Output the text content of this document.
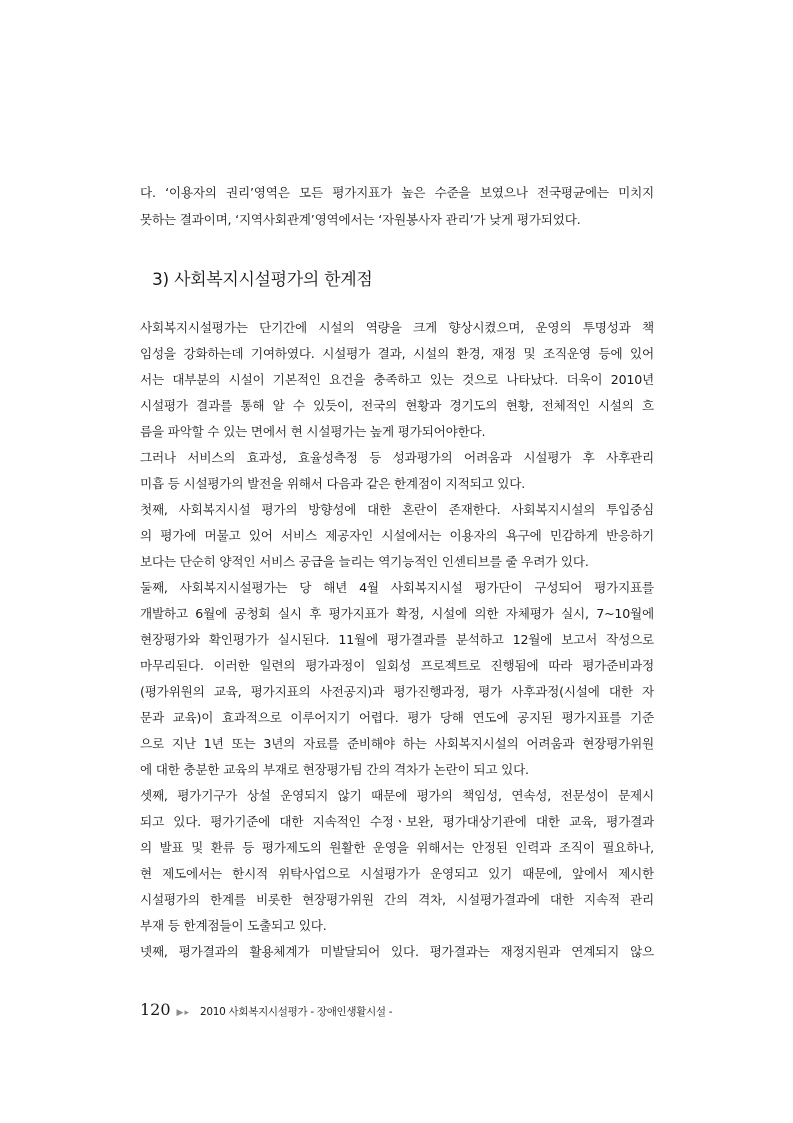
다. ‘이용자의 권리’영역은 모든 평가지표가 높은 수준을 보였으나 전국평균에는 미치지
못하는 결과이며, ‘지역사회관계’영역에서는 ‘자원봉사자 관리’가 낮게 평가되었다.
3) 사회복지시설평가의 한계점
사회복지시설평가는 단기간에 시설의 역량을 크게 향상시켰으며, 운영의 투명성과 책
임성을 강화하는데 기여하였다. 시설평가 결과, 시설의 환경, 재정 및 조직운영 등에 있어
서는 대부분의 시설이 기본적인 요건을 충족하고 있는 것으로 나타났다. 더욱이 2010년
시설평가 결과를 통해 알 수 있듯이, 전국의 현황과 경기도의 현황, 전체적인 시설의 흐
름을 파악할 수 있는 면에서 현 시설평가는 높게 평가되어야한다.
그러나 서비스의 효과성, 효율성측정 등 성과평가의 어려움과 시설평가 후 사후관리
미흡 등 시설평가의 발전을 위해서 다음과 같은 한계점이 지적되고 있다.
첫째, 사회복지시설 평가의 방향성에 대한 혼란이 존재한다. 사회복지시설의 투입중심
의 평가에 머물고 있어 서비스 제공자인 시설에서는 이용자의 욕구에 민감하게 반응하기
보다는 단순히 양적인 서비스 공급을 늘리는 역기능적인 인센티브를 줄 우려가 있다.
둘째, 사회복지시설평가는 당 해년 4월 사회복지시설 평가단이 구성되어 평가지표를
개발하고 6월에 공청회 실시 후 평가지표가 확정, 시설에 의한 자체평가 실시, 7~10월에
현장평가와 확인평가가 실시된다. 11월에 평가결과를 분석하고 12월에 보고서 작성으로
마무리된다. 이러한 일련의 평가과정이 일회성 프로젝트로 진행됨에 따라 평가준비과정
(평가위원의 교육, 평가지표의 사전공지)과 평가진행과정, 평가 사후과정(시설에 대한 자
문과 교육)이 효과적으로 이루어지기 어렵다. 평가 당해 연도에 공지된 평가지표를 기준
으로 지난 1년 또는 3년의 자료를 준비해야 하는 사회복지시설의 어려움과 현장평가위원
에 대한 충분한 교육의 부재로 현장평가팀 간의 격차가 논란이 되고 있다.
셋째, 평가기구가 상설 운영되지 않기 때문에 평가의 책임성, 연속성, 전문성이 문제시
되고 있다. 평가기준에 대한 지속적인 수정ㆍ보완, 평가대상기관에 대한 교육, 평가결과
의 발표 및 환류 등 평가제도의 원활한 운영을 위해서는 안정된 인력과 조직이 필요하나,
현 제도에서는 한시적 위탁사업으로 시설평가가 운영되고 있기 때문에, 앞에서 제시한
시설평가의 한계를 비롯한 현장평가위원 간의 격차, 시설평가결과에 대한 지속적 관리
부재 등 한계점들이 도출되고 있다.
넷째, 평가결과의 활용체계가 미발달되어 있다. 평가결과는 재정지원과 연계되지 않으
120 ▶▸ 2010 사회복지시설평가 - 장애인생활시설 -
